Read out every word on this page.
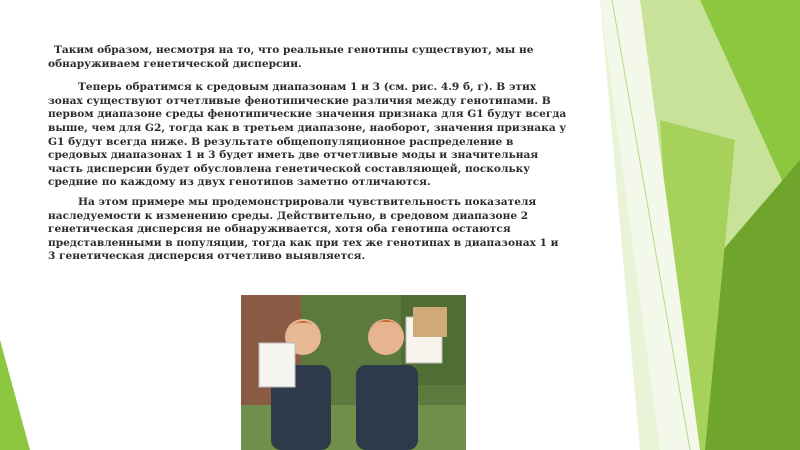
Таким образом, несмотря на то, что реальные генотипы существуют, мы не обнаруживаем генетической дисперсии.

Теперь обратимся к средовым диапазонам 1 и 3 (см. рис. 4.9 б, г). В этих зонах существуют отчетливые фенотипические различия между генотипами. В первом диапазоне среды фенотипические значения признака для G1 будут всегда выше, чем для G2, тогда как в третьем диапазоне, наоборот, значения признака у G1 будут всегда ниже. В результате общепопуляционное распределение в средовых диапазонах 1 и 3 будет иметь две отчетливые моды и значительная часть дисперсии будет обусловлена генетической составляющей, поскольку средние по каждому из двух генотипов заметно отличаются.

На этом примере мы продемонстрировали чувствительность показателя наследуемости к изменению среды. Действительно, в средовом диапазоне 2 генетическая дисперсия не обнаруживается, хотя оба генотипа остаются представленными в популяции, тогда как при тех же генотипах в диапазонах 1 и 3 генетическая дисперсия отчетливо выявляется.
